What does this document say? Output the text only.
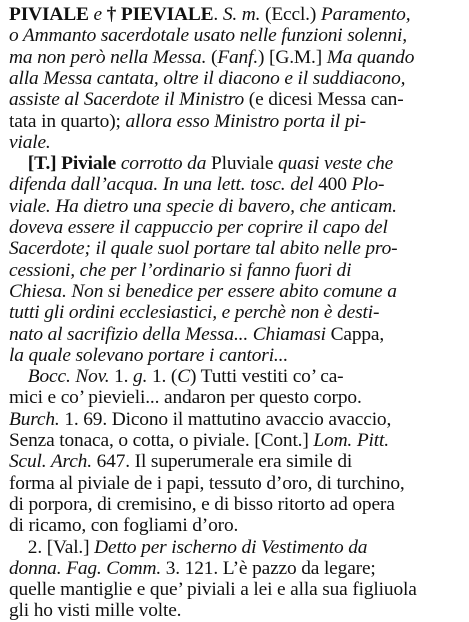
PIVIALE e † PIEVIALE. S. m. (Eccl.) Paramento,
o Ammanto sacerdotale usato nelle funzioni solenni,
ma non però nella Messa. (Fanf.) [G.M.] Ma quando
alla Messa cantata, oltre il diacono e il suddiacono,
assiste al Sacerdote il Ministro (e dicesi Messa can-
tata in quarto); allora esso Ministro porta il pi-
viale.
[T.] Piviale corrotto da Pluviale quasi veste che
difenda dall’acqua. In una lett. tosc. del 400 Plo-
viale. Ha dietro una specie di bavero, che anticam.
doveva essere il cappuccio per coprire il capo del
Sacerdote; il quale suol portare tal abito nelle pro-
cessioni, che per l’ordinario si fanno fuori di
Chiesa. Non si benedice per essere abito comune a
tutti gli ordini ecclesiastici, e perchè non è desti-
nato al sacrifizio della Messa... Chiamasi Cappa,
la quale solevano portare i cantori...
Bocc. Nov. 1. g. 1. (C) Tutti vestiti co’ ca-
mici e co’ pievieli... andaron per questo corpo.
Burch. 1. 69. Dicono il mattutino avaccio avaccio,
Senza tonaca, o cotta, o piviale. [Cont.] Lom. Pitt.
Scul. Arch. 647. Il superumerale era simile di
forma al piviale de i papi, tessuto d’oro, di turchino,
di porpora, di cremisino, e di bisso ritorto ad opera
di ricamo, con fogliami d’oro.
2. [Val.] Detto per ischerno di Vestimento da
donna. Fag. Comm. 3. 121. L’è pazzo da legare;
quelle mantiglie e que’ piviali a lei e alla sua figliuola
gli ho visti mille volte.
